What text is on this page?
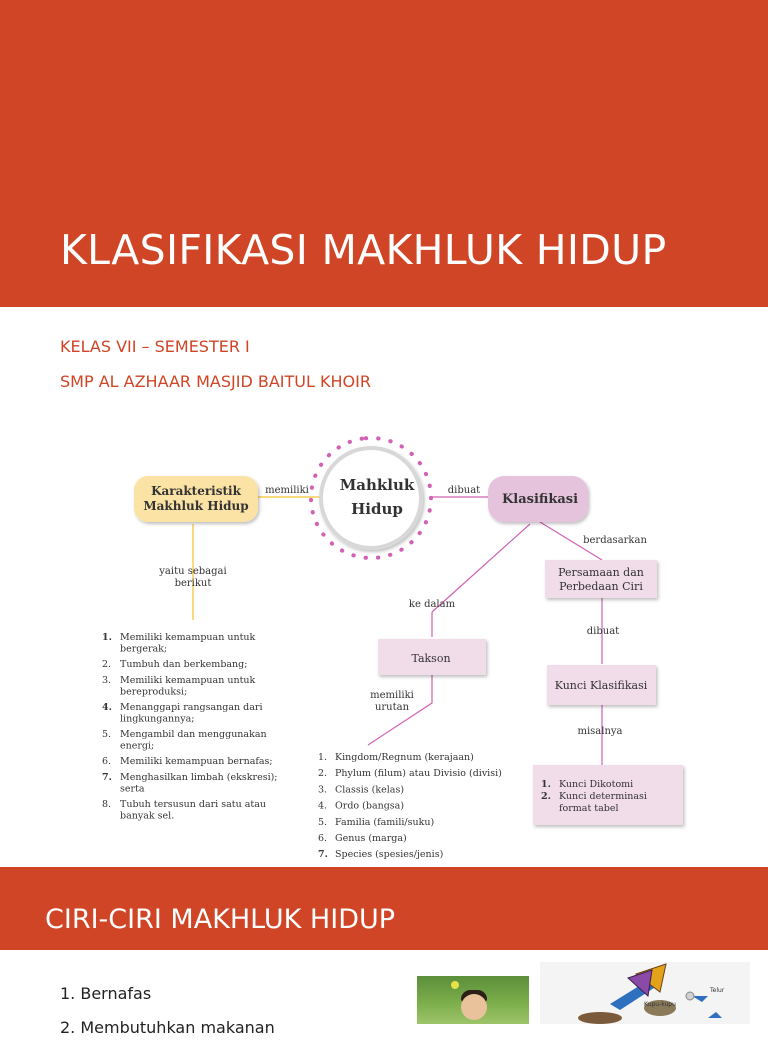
KLASIFIKASI MAKHLUK HIDUP

KELAS VII – SEMESTER I

SMP AL AZHAAR MASJID BAITUL KHOIR

Mahkluk
Hidup
Karakteristik
Makhluk Hidup
memiliki	dibuat
Klasifikasi
yaitu sebagai
berikut
berdasarkan
Persamaan dan
Perbedaan Ciri
ke dalam
dibuat
Takson
Kunci Klasifikasi
memiliki
urutan
misalnya
1. Memiliki kemampuan untuk
bergerak;
2. Tumbuh dan berkembang;
3. Memiliki kemampuan untuk
bereproduksi;
4. Menanggapi rangsangan dari
lingkungannya;
5. Mengambil dan menggunakan
energi;
6. Memiliki kemampuan bernafas;
7. Menghasilkan limbah (ekskresi);
serta
8. Tubuh tersusun dari satu atau
banyak sel.
1. Kingdom/Regnum (kerajaan)
2. Phylum (filum) atau Divisio (divisi)
3. Classis (kelas)
4. Ordo (bangsa)
5. Familia (famili/suku)
6. Genus (marga)
7. Species (spesies/jenis)
1. Kunci Dikotomi
2. Kunci determinasi
format tabel
CIRI-CIRI MAKHLUK HIDUP
1. Bernafas
2. Membutuhkan makanan
Telur
Kupu-kupu
